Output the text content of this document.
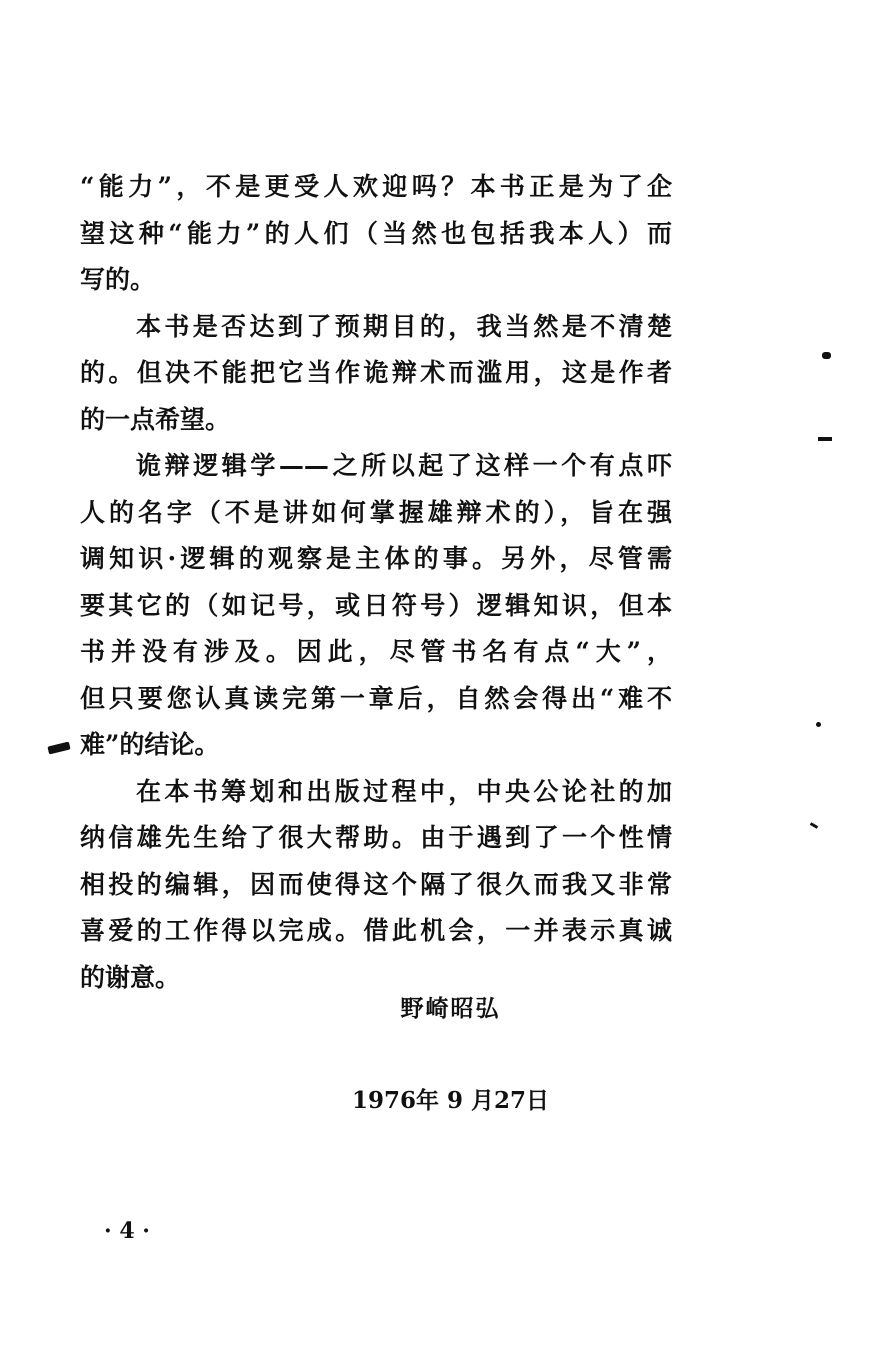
“能力”，不是更受人欢迎吗？本书正是为了企
望这种“能力”的人们（当然也包括我本人）而
写的。
本书是否达到了预期目的，我当然是不清楚
的。但决不能把它当作诡辩术而滥用，这是作者
的一点希望。
诡辩逻辑学——之所以起了这样一个有点吓
人的名字（不是讲如何掌握雄辩术的），旨在强
调知识·逻辑的观察是主体的事。另外，尽管需
要其它的（如记号，或日符号）逻辑知识，但本
书并没有涉及。因此，尽管书名有点“大”，
但只要您认真读完第一章后，自然会得出“难不
难”的结论。
在本书筹划和出版过程中，中央公论社的加
纳信雄先生给了很大帮助。由于遇到了一个性情
相投的编辑，因而使得这个隔了很久而我又非常
喜爱的工作得以完成。借此机会，一并表示真诚
的谢意。
野崎昭弘
1976年 9 月27日
· 4 ·
